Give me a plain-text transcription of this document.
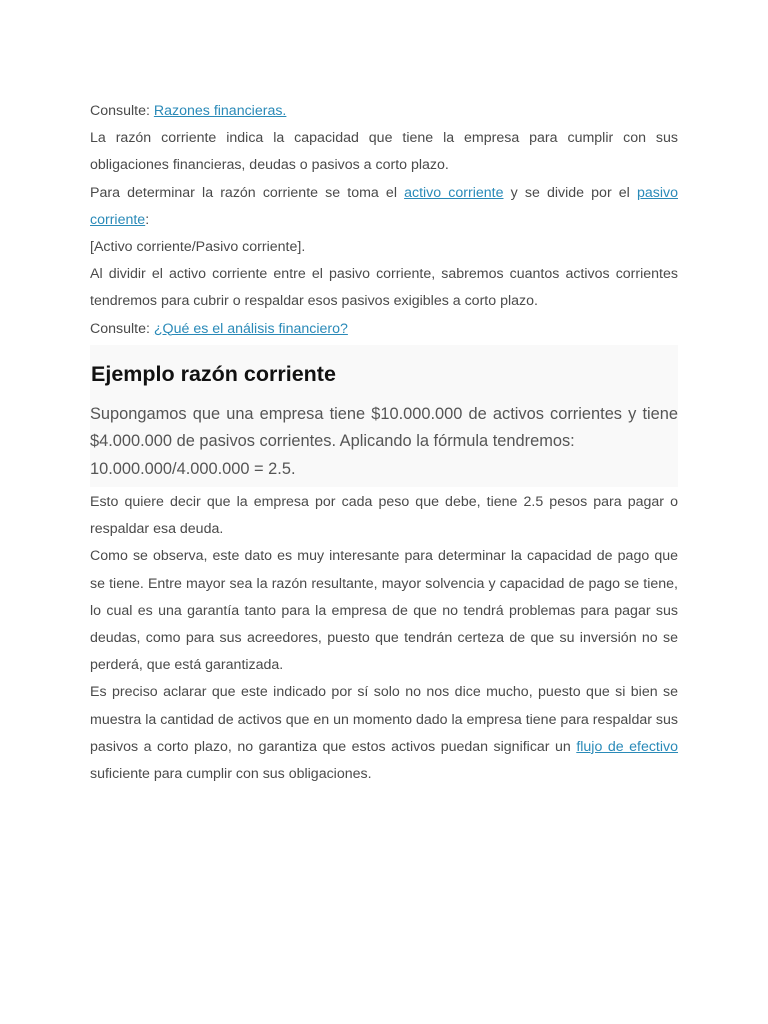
Consulte: Razones financieras.

La razón corriente indica la capacidad que tiene la empresa para cumplir con sus obligaciones financieras, deudas o pasivos a corto plazo.

Para determinar la razón corriente se toma el activo corriente y se divide por el pasivo corriente:

[Activo corriente/Pasivo corriente].

Al dividir el activo corriente entre el pasivo corriente, sabremos cuantos activos corrientes tendremos para cubrir o respaldar esos pasivos exigibles a corto plazo.

Consulte: ¿Qué es el análisis financiero?

Ejemplo razón corriente
Supongamos que una empresa tiene $10.000.000 de activos corrientes y tiene $4.000.000 de pasivos corrientes. Aplicando la fórmula tendremos:
10.000.000/4.000.000 = 2.5.

Esto quiere decir que la empresa por cada peso que debe, tiene 2.5 pesos para pagar o respaldar esa deuda.

Como se observa, este dato es muy interesante para determinar la capacidad de pago que se tiene. Entre mayor sea la razón resultante, mayor solvencia y capacidad de pago se tiene, lo cual es una garantía tanto para la empresa de que no tendrá problemas para pagar sus deudas, como para sus acreedores, puesto que tendrán certeza de que su inversión no se perderá, que está garantizada.

Es preciso aclarar que este indicado por sí solo no nos dice mucho, puesto que si bien se muestra la cantidad de activos que en un momento dado la empresa tiene para respaldar sus pasivos a corto plazo, no garantiza que estos activos puedan significar un flujo de efectivo suficiente para cumplir con sus obligaciones.
